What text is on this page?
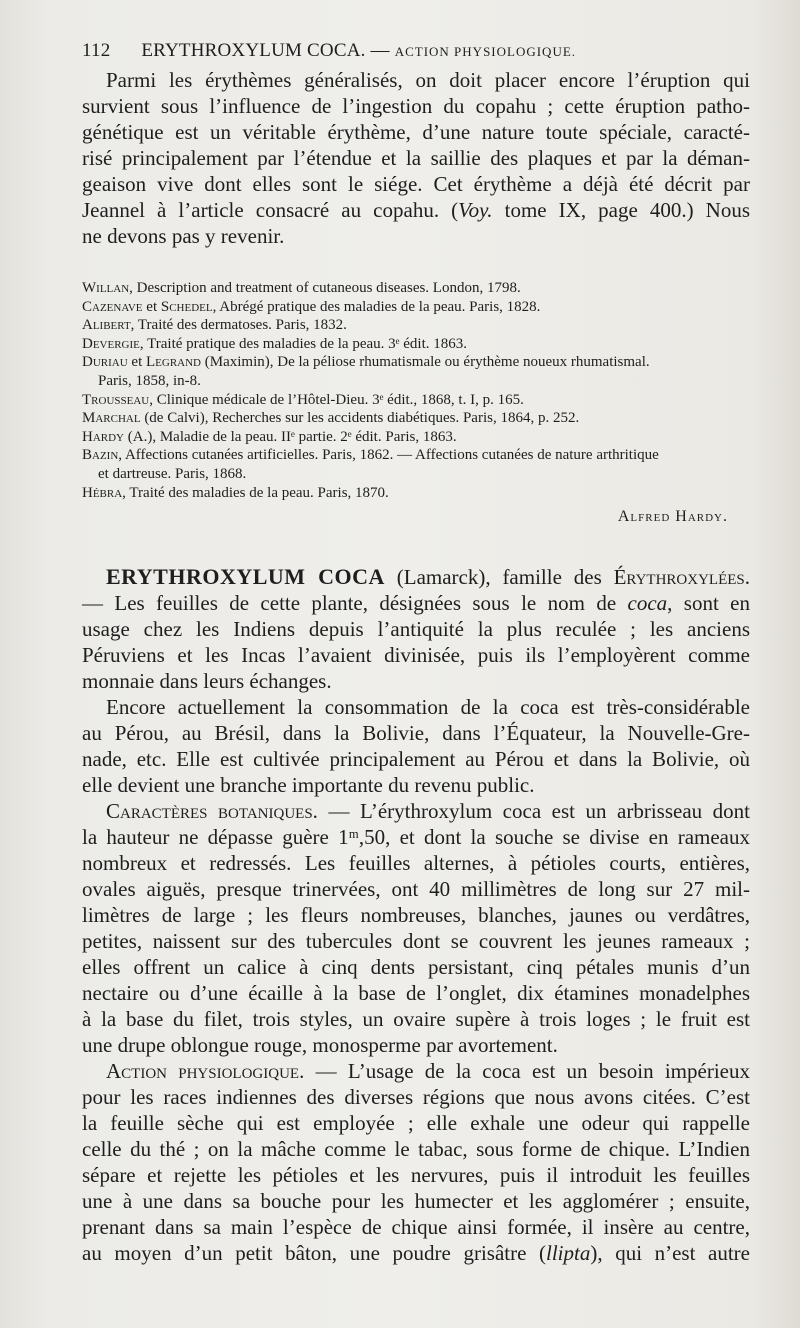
112 ERYTHROXYLUM COCA. — ACTION PHYSIOLOGIQUE.

Parmi les érythèmes généralisés, on doit placer encore l’éruption qui

survient sous l’influence de l’ingestion du copahu ; cette éruption patho-

génétique est un véritable érythème, d’une nature toute spéciale, caracté-

risé principalement par l’étendue et la saillie des plaques et par la déman-

geaison vive dont elles sont le siége. Cet érythème a déjà été décrit par

Jeannel à l’article consacré au copahu. (Voy. tome IX, page 400.) Nous

ne devons pas y revenir.

Willan, Description and treatment of cutaneous diseases. London, 1798.
Cazenave et Schedel, Abrégé pratique des maladies de la peau. Paris, 1828.
Alibert, Traité des dermatoses. Paris, 1832.
Devergie, Traité pratique des maladies de la peau. 3ᵉ édit. 1863.
Duriau et Legrand (Maximin), De la péliose rhumatismale ou érythème noueux rhumatismal.
Paris, 1858, in-8.
Trousseau, Clinique médicale de l’Hôtel-Dieu. 3ᵉ édit., 1868, t. I, p. 165.
Marchal (de Calvi), Recherches sur les accidents diabétiques. Paris, 1864, p. 252.
Hardy (A.), Maladie de la peau. IIᵉ partie. 2ᵉ édit. Paris, 1863.
Bazin, Affections cutanées artificielles. Paris, 1862. — Affections cutanées de nature arthritique
et dartreuse. Paris, 1868.
Hébra, Traité des maladies de la peau. Paris, 1870.
Alfred Hardy.

ERYTHROXYLUM COCA (Lamarck), famille des Érythroxylées.

— Les feuilles de cette plante, désignées sous le nom de coca, sont en

usage chez les Indiens depuis l’antiquité la plus reculée ; les anciens

Péruviens et les Incas l’avaient divinisée, puis ils l’employèrent comme

monnaie dans leurs échanges.

Encore actuellement la consommation de la coca est très-considérable

au Pérou, au Brésil, dans la Bolivie, dans l’Équateur, la Nouvelle-Gre-

nade, etc. Elle est cultivée principalement au Pérou et dans la Bolivie, où

elle devient une branche importante du revenu public.

Caractères botaniques. — L’érythroxylum coca est un arbrisseau dont

la hauteur ne dépasse guère 1ᵐ,50, et dont la souche se divise en rameaux

nombreux et redressés. Les feuilles alternes, à pétioles courts, entières,

ovales aiguës, presque trinervées, ont 40 millimètres de long sur 27 mil-

limètres de large ; les fleurs nombreuses, blanches, jaunes ou verdâtres,

petites, naissent sur des tubercules dont se couvrent les jeunes rameaux ;

elles offrent un calice à cinq dents persistant, cinq pétales munis d’un

nectaire ou d’une écaille à la base de l’onglet, dix étamines monadelphes

à la base du filet, trois styles, un ovaire supère à trois loges ; le fruit est

une drupe oblongue rouge, monosperme par avortement.

Action physiologique. — L’usage de la coca est un besoin impérieux

pour les races indiennes des diverses régions que nous avons citées. C’est

la feuille sèche qui est employée ; elle exhale une odeur qui rappelle

celle du thé ; on la mâche comme le tabac, sous forme de chique. L’Indien

sépare et rejette les pétioles et les nervures, puis il introduit les feuilles

une à une dans sa bouche pour les humecter et les agglomérer ; ensuite,

prenant dans sa main l’espèce de chique ainsi formée, il insère au centre,

au moyen d’un petit bâton, une poudre grisâtre (llipta), qui n’est autre
